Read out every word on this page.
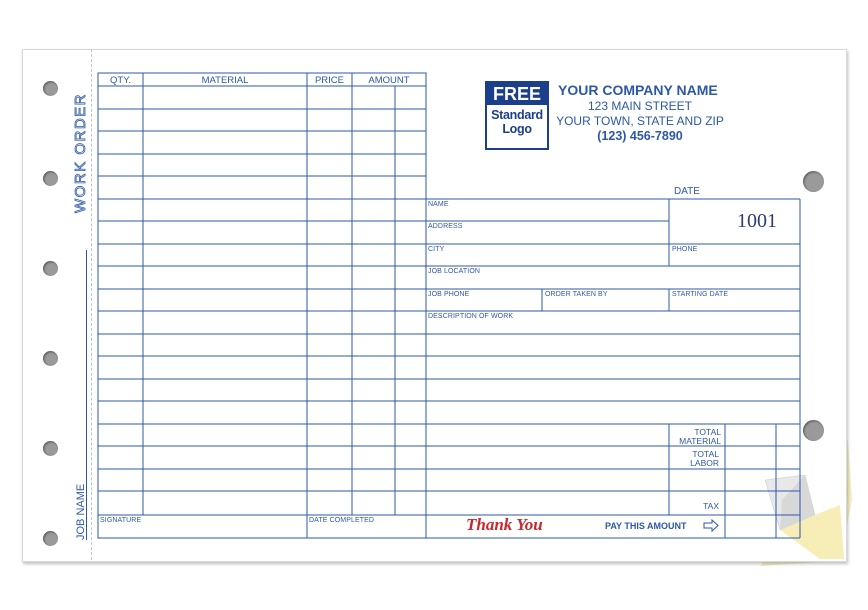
WORK ORDER
JOB NAME
QTY.	MATERIAL	PRICE	AMOUNT
SIGNATURE	DATE COMPLETED
FREE
Standard
Logo
YOUR COMPANY NAME
123 MAIN STREET
YOUR TOWN, STATE AND ZIP
(123) 456-7890
DATE
1001
NAME
ADDRESS
CITY	PHONE
JOB LOCATION
JOB PHONE	ORDER TAKEN BY	STARTING DATE
DESCRIPTION OF WORK
TOTAL
MATERIAL
TOTAL
LABOR
TAX
Thank You	PAY THIS AMOUNT
